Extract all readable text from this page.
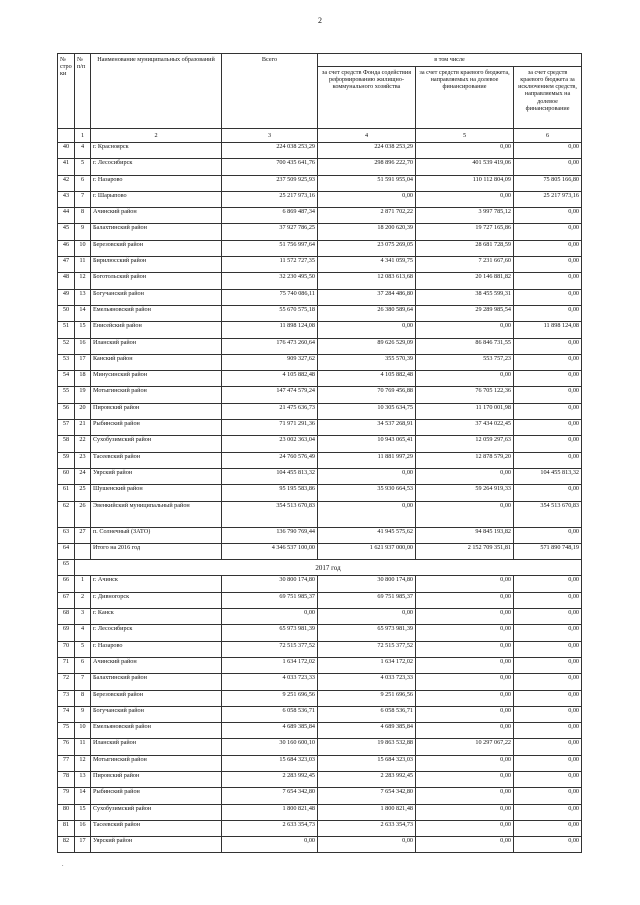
2
№ стро ки	№ п/п	Наименование муниципальных образований	Всего	в том числе		
				за счет средств Фонда содействия реформированию жилищно-коммунального хозяйства	за счет средств краевого бюджета, направляемых на долевое финансирование	за счет средств краевого бюджета за исключением средств, направляемых на долевое финансирование
	1	2	3	4	5	6
40	4	г. Красноярск	224 038 253,29	224 038 253,29	0,00	0,00
41	5	г. Лесосибирск	700 435 641,76	298 896 222,70	401 539 419,06	0,00
42	6	г. Назарово	237 509 925,93	51 591 955,04	110 112 804,09	75 805 166,80
43	7	г. Шарыпово	25 217 973,16	0,00	0,00	25 217 973,16
44	8	Ачинский район	6 869 487,34	2 871 702,22	3 997 785,12	0,00
45	9	Балахтинский район	37 927 786,25	18 200 620,39	19 727 165,86	0,00
46	10	Березовский район	51 756 997,64	23 075 269,05	28 681 728,59	0,00
47	11	Бирилюсский район	11 572 727,35	4 341 059,75	7 231 667,60	0,00
48	12	Боготольский район	32 230 495,50	12 083 613,68	20 146 881,82	0,00
49	13	Богучанский район	75 740 086,11	37 284 486,80	38 455 599,31	0,00
50	14	Емельяновский район	55 670 575,18	26 380 589,64	29 289 985,54	0,00
51	15	Енисейский район	11 898 124,08	0,00	0,00	11 898 124,08
52	16	Иланский район	176 473 260,64	89 626 529,09	86 846 731,55	0,00
53	17	Канский район	909 327,62	355 570,39	553 757,23	0,00
54	18	Минусинский район	4 105 882,48	4 105 882,48	0,00	0,00
55	19	Мотыгинский район	147 474 579,24	70 769 456,88	76 705 122,36	0,00
56	20	Пировский район	21 475 636,73	10 305 634,75	11 170 001,98	0,00
57	21	Рыбинский район	71 971 291,36	34 537 268,91	37 434 022,45	0,00
58	22	Сухобузимский район	23 002 363,04	10 943 065,41	12 059 297,63	0,00
59	23	Тасеевский район	24 760 576,49	11 881 997,29	12 878 579,20	0,00
60	24	Уярский район	104 455 813,32	0,00	0,00	104 455 813,32
61	25	Шушенский район	95 195 583,86	35 930 664,53	59 264 919,33	0,00
62	26	Эвенкийский муниципальный район	354 513 670,83	0,00	0,00	354 513 670,83
63	27	п. Солнечный (ЗАТО)	136 790 769,44	41 945 575,62	94 845 193,82	0,00
64		Итого на 2016 год	4 346 537 100,00	1 621 937 000,00	2 152 709 351,81	571 890 748,19
65	2017 год					
66	1	г. Ачинск	30 800 174,80	30 800 174,80	0,00	0,00
67	2	г. Дивногорск	69 751 985,37	69 751 985,37	0,00	0,00
68	3	г. Канск	0,00	0,00	0,00	0,00
69	4	г. Лесосибирск	65 973 981,39	65 973 981,39	0,00	0,00
70	5	г. Назарово	72 515 377,52	72 515 377,52	0,00	0,00
71	6	Ачинский район	1 634 172,02	1 634 172,02	0,00	0,00
72	7	Балахтинский район	4 033 723,33	4 033 723,33	0,00	0,00
73	8	Березовский район	9 251 696,56	9 251 696,56	0,00	0,00
74	9	Богучанский район	6 058 536,71	6 058 536,71	0,00	0,00
75	10	Емельяновский район	4 689 385,84	4 689 385,84	0,00	0,00
76	11	Иланский район	30 160 600,10	19 863 532,88	10 297 067,22	0,00
77	12	Мотыгинский район	15 684 323,03	15 684 323,03	0,00	0,00
78	13	Пировский район	2 283 992,45	2 283 992,45	0,00	0,00
79	14	Рыбинский район	7 654 342,80	7 654 342,80	0,00	0,00
80	15	Сухобузимский район	1 800 821,48	1 800 821,48	0,00	0,00
81	16	Тасеевский район	2 633 354,73	2 633 354,73	0,00	0,00
82	17	Уярский район	0,00	0,00	0,00	0,00
.
